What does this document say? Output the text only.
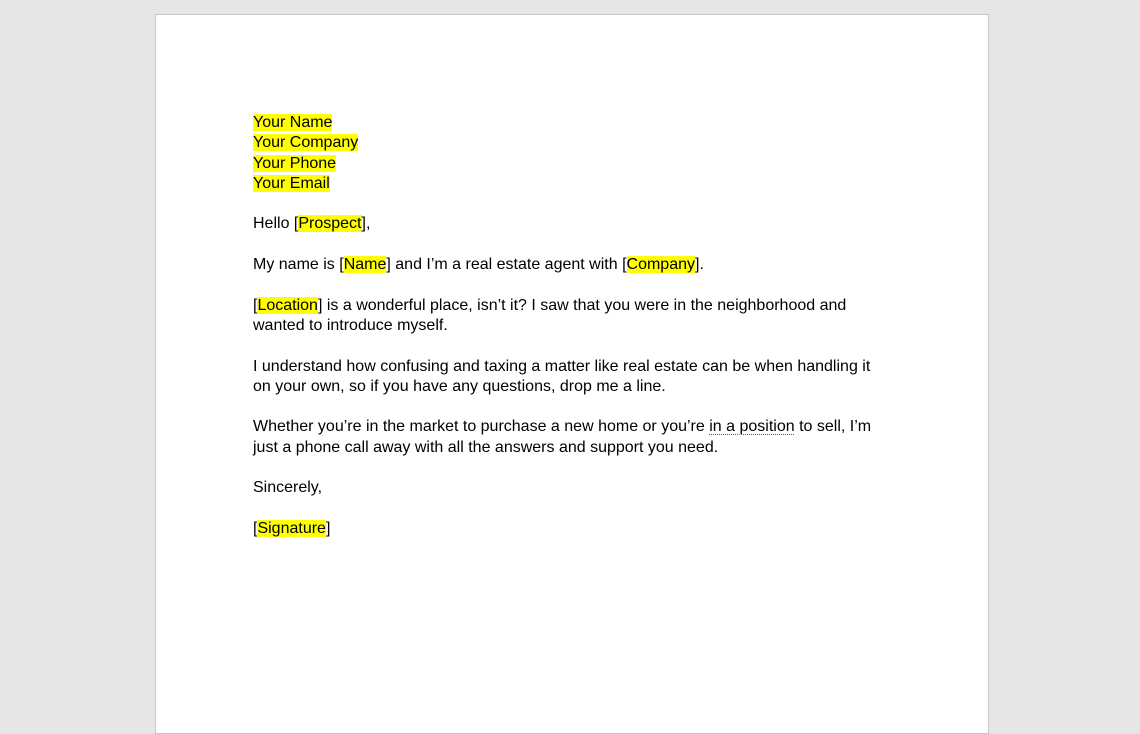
Your Name
Your Company
Your Phone
Your Email
Hello [Prospect],
My name is [Name] and I’m a real estate agent with [Company].
[Location] is a wonderful place, isn’t it? I saw that you were in the neighborhood and
wanted to introduce myself.
I understand how confusing and taxing a matter like real estate can be when handling it
on your own, so if you have any questions, drop me a line.
Whether you’re in the market to purchase a new home or you’re in a position to sell, I’m
just a phone call away with all the answers and support you need.
Sincerely,
[Signature]
